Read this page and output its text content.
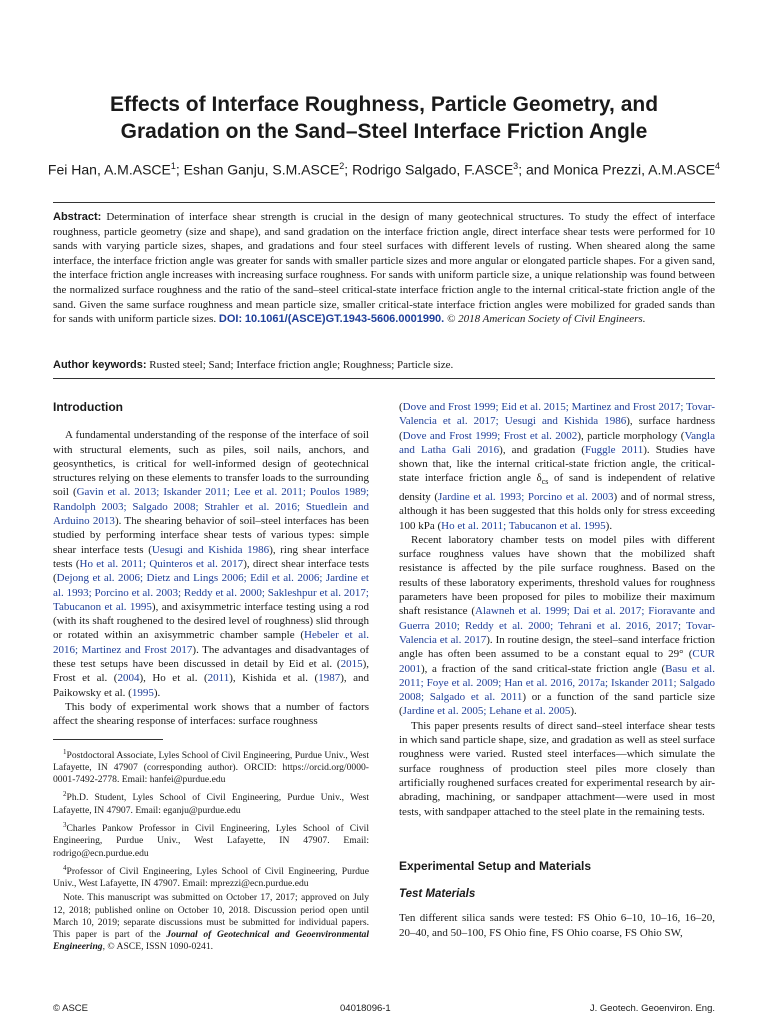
Effects of Interface Roughness, Particle Geometry, and
Gradation on the Sand–Steel Interface Friction Angle
Fei Han, A.M.ASCE$^1$; Eshan Ganju, S.M.ASCE$^2$; Rodrigo Salgado, F.ASCE$^3$; and Monica Prezzi, A.M.ASCE$^4$
Abstract: Determination of interface shear strength is crucial in the design of many geotechnical structures. To study the effect of interface roughness, particle geometry (size and shape), and sand gradation on the interface friction angle, direct interface shear tests were performed for 10 sands with varying particle sizes, shapes, and gradations and four steel surfaces with different levels of rusting. When sheared along the same interface, the interface friction angle was greater for sands with smaller particle sizes and more angular or elongated particle shapes. For a given sand, the interface friction angle increases with increasing surface roughness. For sands with uniform particle size, a unique relationship was found between the normalized surface roughness and the ratio of the sand–steel critical-state interface friction angle to the internal critical-state friction angle of the sand. Given the same surface roughness and mean particle size, smaller critical-state interface friction angles were mobilized for graded sands than for sands with uniform particle sizes. DOI: 10.1061/(ASCE)GT.1943-5606.0001990. © 2018 American Society of Civil Engineers.
Author keywords: Rusted steel; Sand; Interface friction angle; Roughness; Particle size.
Introduction

A fundamental understanding of the response of the interface of soil with structural elements, such as piles, soil nails, anchors, and geosynthetics, is critical for well-informed design of geotechnical structures relying on these elements to transfer loads to the surrounding soil (Gavin et al. 2013; Iskander 2011; Lee et al. 2011; Poulos 1989; Randolph 2003; Salgado 2008; Strahler et al. 2016; Stuedlein and Arduino 2013). The shearing behavior of soil–steel interfaces has been studied by performing interface shear tests of various types: simple shear interface tests (Uesugi and Kishida 1986), ring shear interface tests (Ho et al. 2011; Quinteros et al. 2017), direct shear interface tests (Dejong et al. 2006; Dietz and Lings 2006; Edil et al. 2006; Jardine et al. 1993; Porcino et al. 2003; Reddy et al. 2000; Sakleshpur et al. 2017; Tabucanon et al. 1995), and axisymmetric interface testing using a rod (with its shaft roughened to the desired level of roughness) slid through or rotated within an axisymmetric chamber sample (Hebeler et al. 2016; Martinez and Frost 2017). The advantages and disadvantages of these test setups have been discussed in detail by Eid et al. (2015), Frost et al. (2004), Ho et al. (2011), Kishida et al. (1987), and Paikowsky et al. (1995).

This body of experimental work shows that a number of factors affect the shearing response of interfaces: surface roughness

$^1$Postdoctoral Associate, Lyles School of Civil Engineering, Purdue Univ., West Lafayette, IN 47907 (corresponding author). ORCID: https://orcid.org/0000-0001-7492-2778. Email: hanfei@purdue.edu
$^2$Ph.D. Student, Lyles School of Civil Engineering, Purdue Univ., West Lafayette, IN 47907. Email: eganju@purdue.edu
$^3$Charles Pankow Professor in Civil Engineering, Lyles School of Civil Engineering, Purdue Univ., West Lafayette, IN 47907. Email: rodrigo@ecn.purdue.edu
$^4$Professor of Civil Engineering, Lyles School of Civil Engineering, Purdue Univ., West Lafayette, IN 47907. Email: mprezzi@ecn.purdue.edu
Note. This manuscript was submitted on October 17, 2017; approved on July 12, 2018; published online on October 10, 2018. Discussion period open until March 10, 2019; separate discussions must be submitted for individual papers. This paper is part of the Journal of Geotechnical and Geoenvironmental Engineering, © ASCE, ISSN 1090-0241.

(Dove and Frost 1999; Eid et al. 2015; Martinez and Frost 2017; Tovar-Valencia et al. 2017; Uesugi and Kishida 1986), surface hardness (Dove and Frost 1999; Frost et al. 2002), particle morphology (Vangla and Latha Gali 2016), and gradation (Fuggle 2011). Studies have shown that, like the internal critical-state friction angle, the critical-state interface friction angle $\delta_{cs}$ of sand is independent of relative density (Jardine et al. 1993; Porcino et al. 2003) and of normal stress, although it has been suggested that this holds only for stress exceeding 100 kPa (Ho et al. 2011; Tabucanon et al. 1995).

Recent laboratory chamber tests on model piles with different surface roughness values have shown that the mobilized shaft resistance is affected by the pile surface roughness. Based on the results of these laboratory experiments, threshold values for roughness parameters have been proposed for piles to mobilize their maximum shaft resistance (Alawneh et al. 1999; Dai et al. 2017; Fioravante and Guerra 2010; Reddy et al. 2000; Tehrani et al. 2016, 2017; Tovar-Valencia et al. 2017). In routine design, the steel–sand interface friction angle has often been assumed to be a constant equal to 29° (CUR 2001), a fraction of the sand critical-state friction angle (Basu et al. 2011; Foye et al. 2009; Han et al. 2016, 2017a; Iskander 2011; Salgado 2008; Salgado et al. 2011) or a function of the sand particle size (Jardine et al. 2005; Lehane et al. 2005).

This paper presents results of direct sand–steel interface shear tests in which sand particle shape, size, and gradation as well as steel surface roughness were varied. Rusted steel interfaces—which simulate the surface roughness of production steel piles more closely than artificially roughened surfaces created for experimental research by air-abrading, machining, or sandpaper attachment—were used in most tests, with sandpaper attached to the steel plate in the remaining tests.

Experimental Setup and Materials
Test Materials

Ten different silica sands were tested: FS Ohio 6–10, 10–16, 16–20, 20–40, and 50–100, FS Ohio fine, FS Ohio coarse, FS Ohio SW,

© ASCE	04018096-1	J. Geotech. Geoenviron. Eng.
